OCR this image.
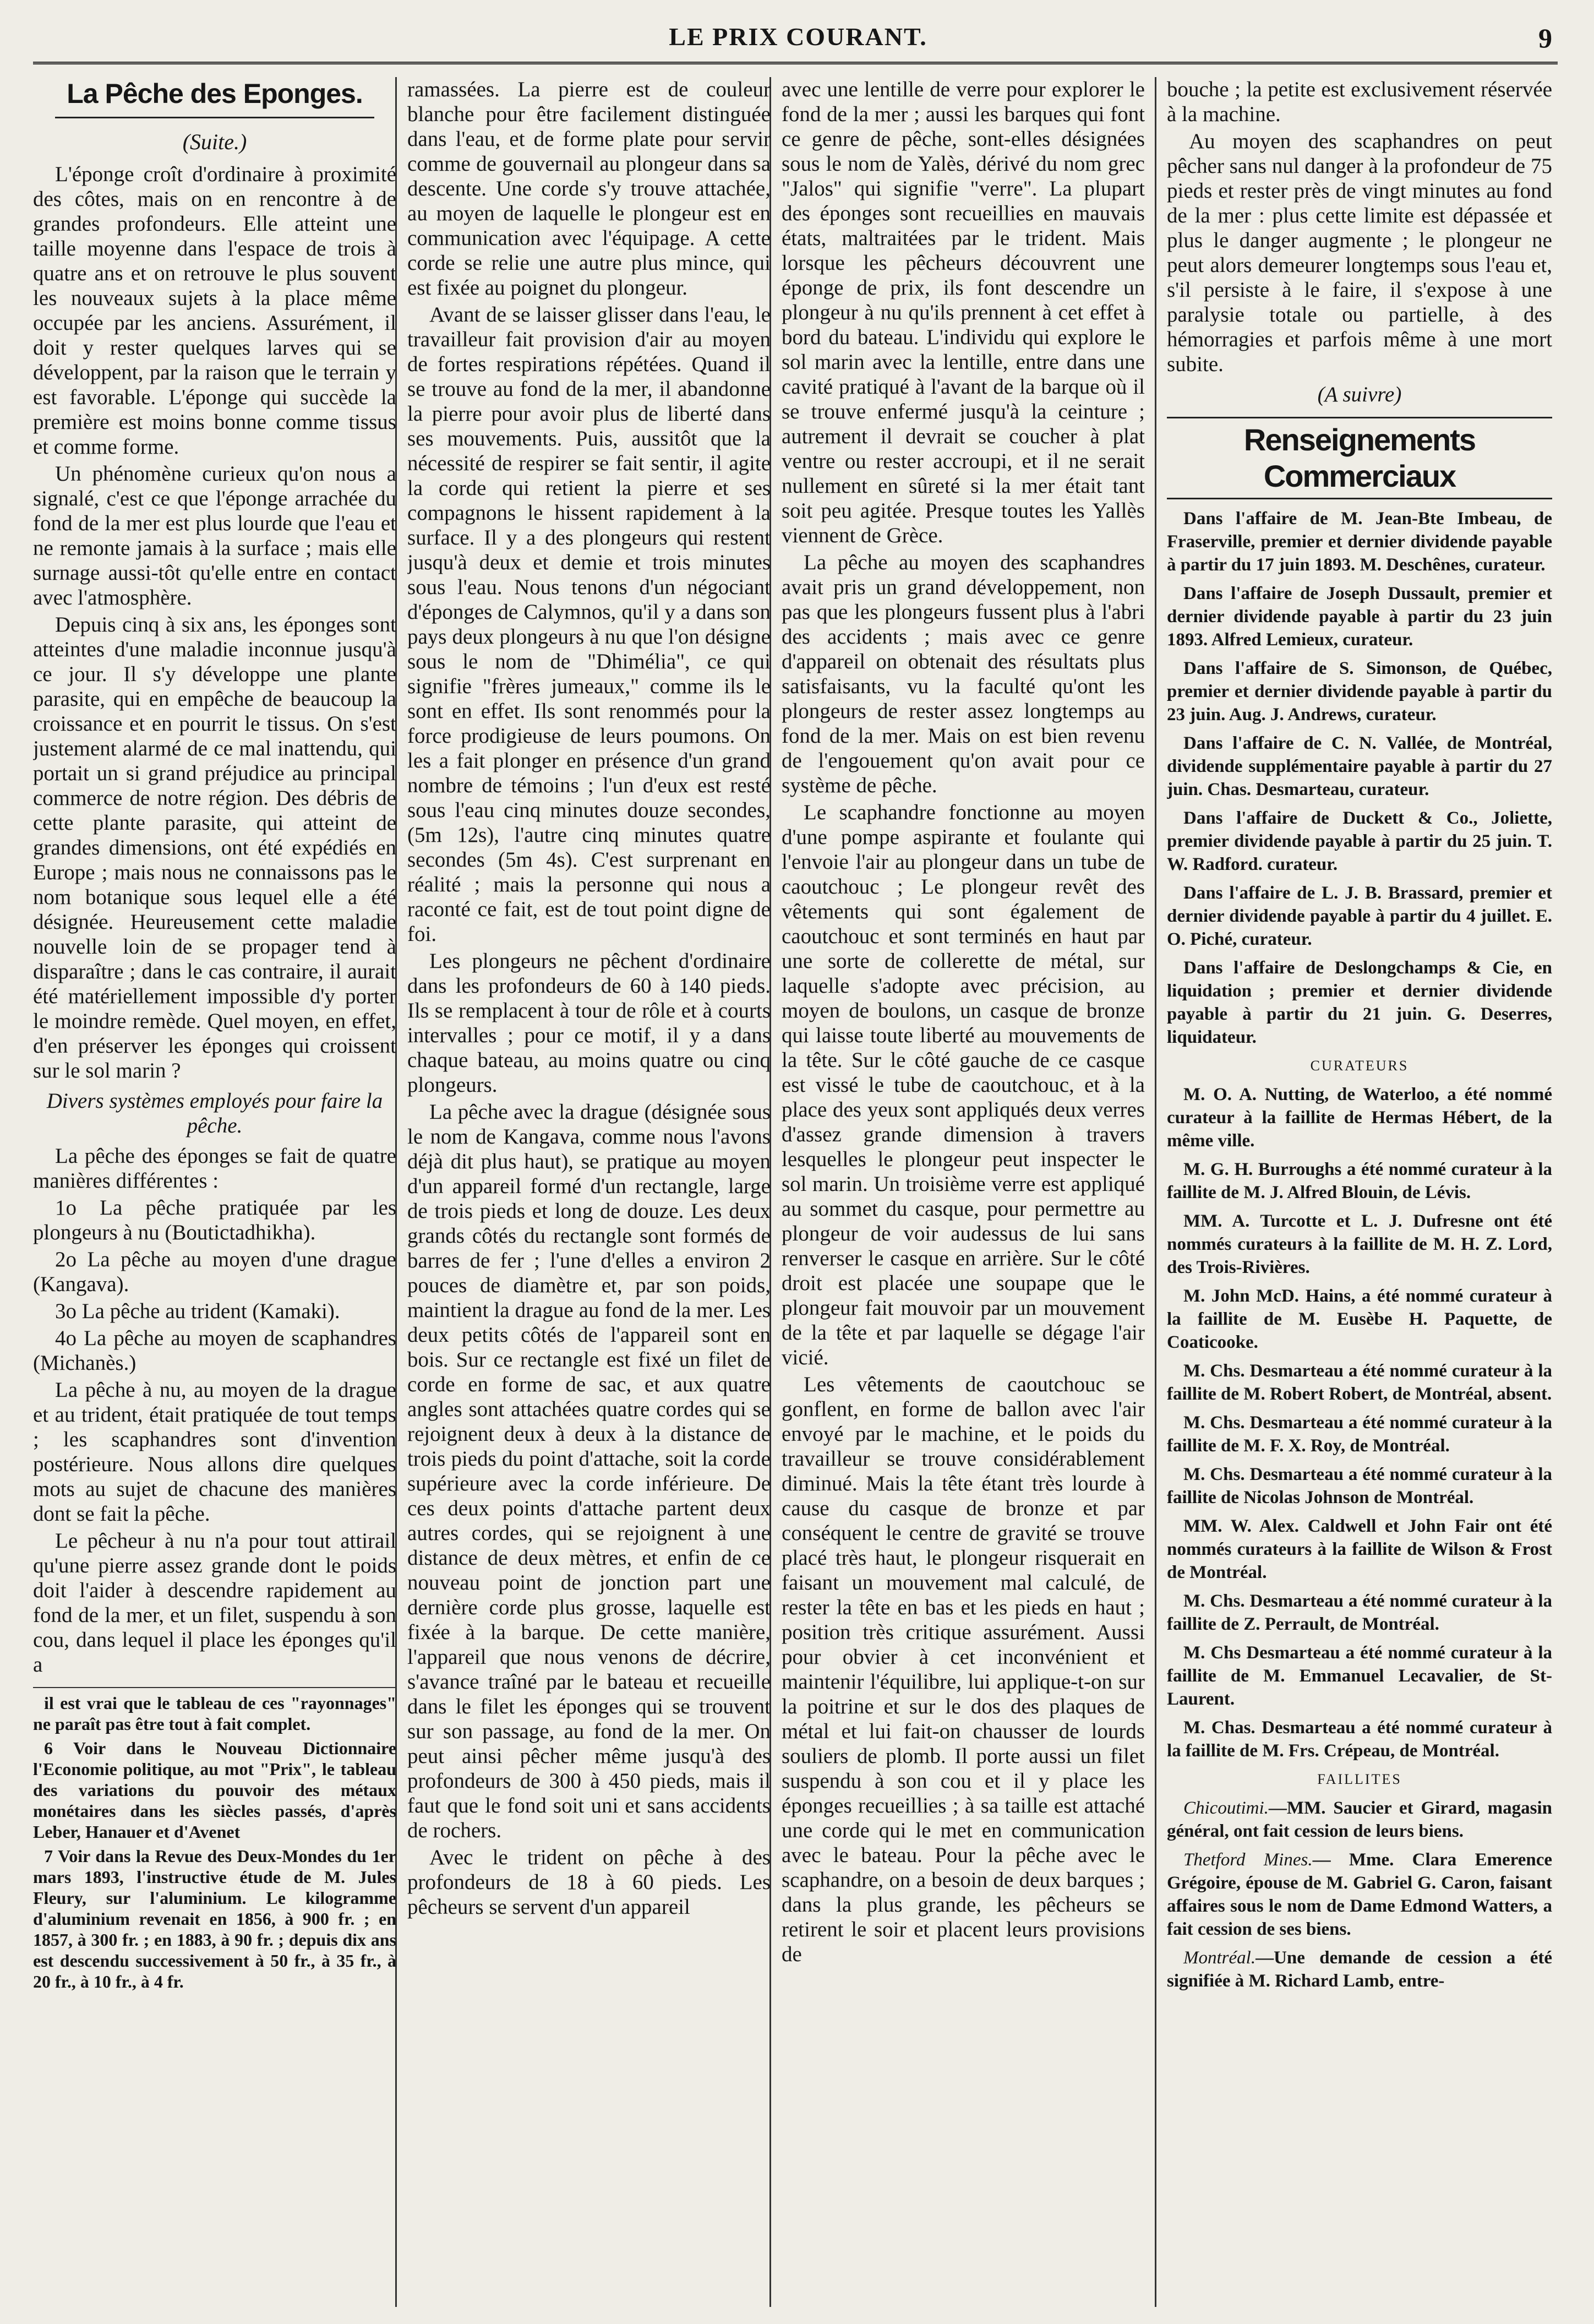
LE PRIX COURANT.	9
La Pêche des Eponges.
(Suite.)

L'éponge croît d'ordinaire à proximité des côtes, mais on en rencontre à de grandes profondeurs. Elle atteint une taille moyenne dans l'espace de trois à quatre ans et on retrouve le plus souvent les nouveaux sujets à la place même occupée par les anciens. Assurément, il doit y rester quelques larves qui se développent, par la raison que le terrain y est favorable. L'éponge qui succède la première est moins bonne comme tissus et comme forme.

Un phénomène curieux qu'on nous a signalé, c'est ce que l'éponge arrachée du fond de la mer est plus lourde que l'eau et ne remonte jamais à la surface ; mais elle surnage aussi-tôt qu'elle entre en contact avec l'atmosphère.

Depuis cinq à six ans, les éponges sont atteintes d'une maladie inconnue jusqu'à ce jour. Il s'y développe une plante parasite, qui en empêche de beaucoup la croissance et en pourrit le tissus. On s'est justement alarmé de ce mal inattendu, qui portait un si grand préjudice au principal commerce de notre région. Des débris de cette plante parasite, qui atteint de grandes dimensions, ont été expédiés en Europe ; mais nous ne connaissons pas le nom botanique sous lequel elle a été désignée. Heureusement cette maladie nouvelle loin de se propager tend à disparaître ; dans le cas contraire, il aurait été matériellement impossible d'y porter le moindre remède. Quel moyen, en effet, d'en préserver les éponges qui croissent sur le sol marin ?

Divers systèmes employés pour faire la pêche.

La pêche des éponges se fait de quatre manières différentes :

1o La pêche pratiquée par les plongeurs à nu (Boutictadhikha).

2o La pêche au moyen d'une drague (Kangava).

3o La pêche au trident (Kamaki).

4o La pêche au moyen de scaphandres (Michanès.)

La pêche à nu, au moyen de la drague et au trident, était pratiquée de tout temps ; les scaphandres sont d'invention postérieure. Nous allons dire quelques mots au sujet de chacune des manières dont se fait la pêche.

Le pêcheur à nu n'a pour tout attirail qu'une pierre assez grande dont le poids doit l'aider à descendre rapidement au fond de la mer, et un filet, suspendu à son cou, dans lequel il place les éponges qu'il a

il est vrai que le tableau de ces "rayonnages" ne paraît pas être tout à fait complet.

6 Voir dans le Nouveau Dictionnaire l'Economie politique, au mot "Prix", le tableau des variations du pouvoir des métaux monétaires dans les siècles passés, d'après Leber, Hanauer et d'Avenet

7 Voir dans la Revue des Deux-Mondes du 1er mars 1893, l'instructive étude de M. Jules Fleury, sur l'aluminium. Le kilogramme d'aluminium revenait en 1856, à 900 fr. ; en 1857, à 300 fr. ; en 1883, à 90 fr. ; depuis dix ans est descendu successivement à 50 fr., à 35 fr., à 20 fr., à 10 fr., à 4 fr.

ramassées. La pierre est de couleur blanche pour être facilement distinguée dans l'eau, et de forme plate pour servir comme de gouvernail au plongeur dans sa descente. Une corde s'y trouve attachée, au moyen de laquelle le plongeur est en communication avec l'équipage. A cette corde se relie une autre plus mince, qui est fixée au poignet du plongeur.

Avant de se laisser glisser dans l'eau, le travailleur fait provision d'air au moyen de fortes respirations répétées. Quand il se trouve au fond de la mer, il abandonne la pierre pour avoir plus de liberté dans ses mouvements. Puis, aussitôt que la nécessité de respirer se fait sentir, il agite la corde qui retient la pierre et ses compagnons le hissent rapidement à la surface. Il y a des plongeurs qui restent jusqu'à deux et demie et trois minutes sous l'eau. Nous tenons d'un négociant d'éponges de Calymnos, qu'il y a dans son pays deux plongeurs à nu que l'on désigne sous le nom de "Dhimélia", ce qui signifie "frères jumeaux," comme ils le sont en effet. Ils sont renommés pour la force prodigieuse de leurs poumons. On les a fait plonger en présence d'un grand nombre de témoins ; l'un d'eux est resté sous l'eau cinq minutes douze secondes, (5m 12s), l'autre cinq minutes quatre secondes (5m 4s). C'est surprenant en réalité ; mais la personne qui nous a raconté ce fait, est de tout point digne de foi.

Les plongeurs ne pêchent d'ordinaire dans les profondeurs de 60 à 140 pieds. Ils se remplacent à tour de rôle et à courts intervalles ; pour ce motif, il y a dans chaque bateau, au moins quatre ou cinq plongeurs.

La pêche avec la drague (désignée sous le nom de Kangava, comme nous l'avons déjà dit plus haut), se pratique au moyen d'un appareil formé d'un rectangle, large de trois pieds et long de douze. Les deux grands côtés du rectangle sont formés de barres de fer ; l'une d'elles a environ 2 pouces de diamètre et, par son poids, maintient la drague au fond de la mer. Les deux petits côtés de l'appareil sont en bois. Sur ce rectangle est fixé un filet de corde en forme de sac, et aux quatre angles sont attachées quatre cordes qui se rejoignent deux à deux à la distance de trois pieds du point d'attache, soit la corde supérieure avec la corde inférieure. De ces deux points d'attache partent deux autres cordes, qui se rejoignent à une distance de deux mètres, et enfin de ce nouveau point de jonction part une dernière corde plus grosse, laquelle est fixée à la barque. De cette manière, l'appareil que nous venons de décrire, s'avance traîné par le bateau et recueille dans le filet les éponges qui se trouvent sur son passage, au fond de la mer. On peut ainsi pêcher même jusqu'à des profondeurs de 300 à 450 pieds, mais il faut que le fond soit uni et sans accidents de rochers.

Avec le trident on pêche à des profondeurs de 18 à 60 pieds. Les pêcheurs se servent d'un appareil

avec une lentille de verre pour explorer le fond de la mer ; aussi les barques qui font ce genre de pêche, sont-elles désignées sous le nom de Yalès, dérivé du nom grec "Jalos" qui signifie "verre". La plupart des éponges sont recueillies en mauvais états, maltraitées par le trident. Mais lorsque les pêcheurs découvrent une éponge de prix, ils font descendre un plongeur à nu qu'ils prennent à cet effet à bord du bateau. L'individu qui explore le sol marin avec la lentille, entre dans une cavité pratiqué à l'avant de la barque où il se trouve enfermé jusqu'à la ceinture ; autrement il devrait se coucher à plat ventre ou rester accroupi, et il ne serait nullement en sûreté si la mer était tant soit peu agitée. Presque toutes les Yallès viennent de Grèce.

La pêche au moyen des scaphandres avait pris un grand développement, non pas que les plongeurs fussent plus à l'abri des accidents ; mais avec ce genre d'appareil on obtenait des résultats plus satisfaisants, vu la faculté qu'ont les plongeurs de rester assez longtemps au fond de la mer. Mais on est bien revenu de l'engouement qu'on avait pour ce système de pêche.

Le scaphandre fonctionne au moyen d'une pompe aspirante et foulante qui l'envoie l'air au plongeur dans un tube de caoutchouc ; Le plongeur revêt des vêtements qui sont également de caoutchouc et sont terminés en haut par une sorte de collerette de métal, sur laquelle s'adopte avec précision, au moyen de boulons, un casque de bronze qui laisse toute liberté au mouvements de la tête. Sur le côté gauche de ce casque est vissé le tube de caoutchouc, et à la place des yeux sont appliqués deux verres d'assez grande dimension à travers lesquelles le plongeur peut inspecter le sol marin. Un troisième verre est appliqué au sommet du casque, pour permettre au plongeur de voir audessus de lui sans renverser le casque en arrière. Sur le côté droit est placée une soupape que le plongeur fait mouvoir par un mouvement de la tête et par laquelle se dégage l'air vicié.

Les vêtements de caoutchouc se gonflent, en forme de ballon avec l'air envoyé par le machine, et le poids du travailleur se trouve considérablement diminué. Mais la tête étant très lourde à cause du casque de bronze et par conséquent le centre de gravité se trouve placé très haut, le plongeur risquerait en faisant un mouvement mal calculé, de rester la tête en bas et les pieds en haut ; position très critique assurément. Aussi pour obvier à cet inconvénient et maintenir l'équilibre, lui applique-t-on sur la poitrine et sur le dos des plaques de métal et lui fait-on chausser de lourds souliers de plomb. Il porte aussi un filet suspendu à son cou et il y place les éponges recueillies ; à sa taille est attaché une corde qui le met en communication avec le bateau. Pour la pêche avec le scaphandre, on a besoin de deux barques ; dans la plus grande, les pêcheurs se retirent le soir et placent leurs provisions de

bouche ; la petite est exclusivement réservée à la machine.

Au moyen des scaphandres on peut pêcher sans nul danger à la profondeur de 75 pieds et rester près de vingt minutes au fond de la mer : plus cette limite est dépassée et plus le danger augmente ; le plongeur ne peut alors demeurer longtemps sous l'eau et, s'il persiste à le faire, il s'expose à une paralysie totale ou partielle, à des hémorragies et parfois même à une mort subite.

(A suivre)
Renseignements Commerciaux

Dans l'affaire de M. Jean-Bte Imbeau, de Fraserville, premier et dernier dividende payable à partir du 17 juin 1893. M. Deschênes, curateur.

Dans l'affaire de Joseph Dussault, premier et dernier dividende payable à partir du 23 juin 1893. Alfred Lemieux, curateur.

Dans l'affaire de S. Simonson, de Québec, premier et dernier dividende payable à partir du 23 juin. Aug. J. Andrews, curateur.

Dans l'affaire de C. N. Vallée, de Montréal, dividende supplémentaire payable à partir du 27 juin. Chas. Desmarteau, curateur.

Dans l'affaire de Duckett & Co., Joliette, premier dividende payable à partir du 25 juin. T. W. Radford. curateur.

Dans l'affaire de L. J. B. Brassard, premier et dernier dividende payable à partir du 4 juillet. E. O. Piché, curateur.

Dans l'affaire de Deslongchamps & Cie, en liquidation ; premier et dernier dividende payable à partir du 21 juin. G. Deserres, liquidateur.

CURATEURS

M. O. A. Nutting, de Waterloo, a été nommé curateur à la faillite de Hermas Hébert, de la même ville.

M. G. H. Burroughs a été nommé curateur à la faillite de M. J. Alfred Blouin, de Lévis.

MM. A. Turcotte et L. J. Dufresne ont été nommés curateurs à la faillite de M. H. Z. Lord, des Trois-Rivières.

M. John McD. Hains, a été nommé curateur à la faillite de M. Eusèbe H. Paquette, de Coaticooke.

M. Chs. Desmarteau a été nommé curateur à la faillite de M. Robert Robert, de Montréal, absent.

M. Chs. Desmarteau a été nommé curateur à la faillite de M. F. X. Roy, de Montréal.

M. Chs. Desmarteau a été nommé curateur à la faillite de Nicolas Johnson de Montréal.

MM. W. Alex. Caldwell et John Fair ont été nommés curateurs à la faillite de Wilson & Frost de Montréal.

M. Chs. Desmarteau a été nommé curateur à la faillite de Z. Perrault, de Montréal.

M. Chs Desmarteau a été nommé curateur à la faillite de M. Emmanuel Lecavalier, de St-Laurent.

M. Chas. Desmarteau a été nommé curateur à la faillite de M. Frs. Crépeau, de Montréal.

FAILLITES

Chicoutimi.—MM. Saucier et Girard, magasin général, ont fait cession de leurs biens.

Thetford Mines.— Mme. Clara Emerence Grégoire, épouse de M. Gabriel G. Caron, faisant affaires sous le nom de Dame Edmond Watters, a fait cession de ses biens.

Montréal.—Une demande de cession a été signifiée à M. Richard Lamb, entre-
